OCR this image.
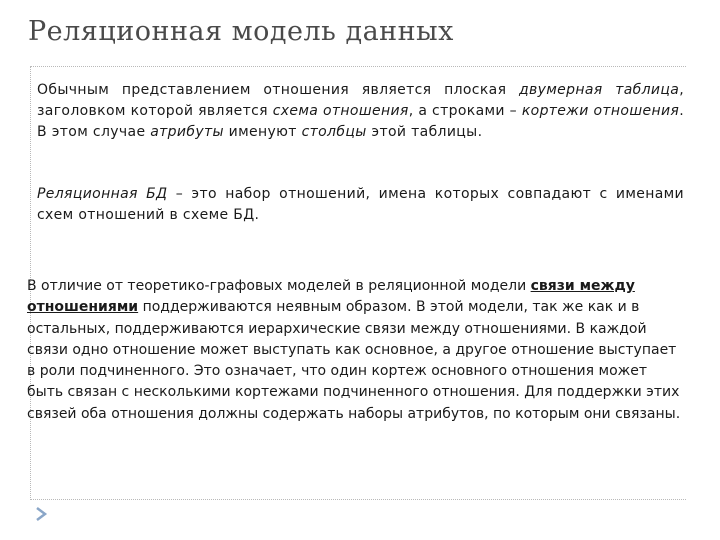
Реляционная модель данных

Обычным представлением отношения является плоская двумерная таблица, заголовком которой является схема отношения, а строками – кортежи отношения. В этом случае атрибуты именуют столбцы этой таблицы.

Реляционная БД – это набор отношений, имена которых совпадают с именами схем отношений в схеме БД.

В отличие от теоретико-графовых моделей в реляционной модели связи между отношениями поддерживаются неявным образом. В этой модели, так же как и в остальных, поддерживаются иерархические связи между отношениями. В каждой связи одно отношение может выступать как основное, а другое отношение выступает в роли подчиненного. Это означает, что один кортеж основного отношения может быть связан с несколькими кортежами подчиненного отношения. Для поддержки этих связей оба отношения должны содержать наборы атрибутов, по которым они связаны.
